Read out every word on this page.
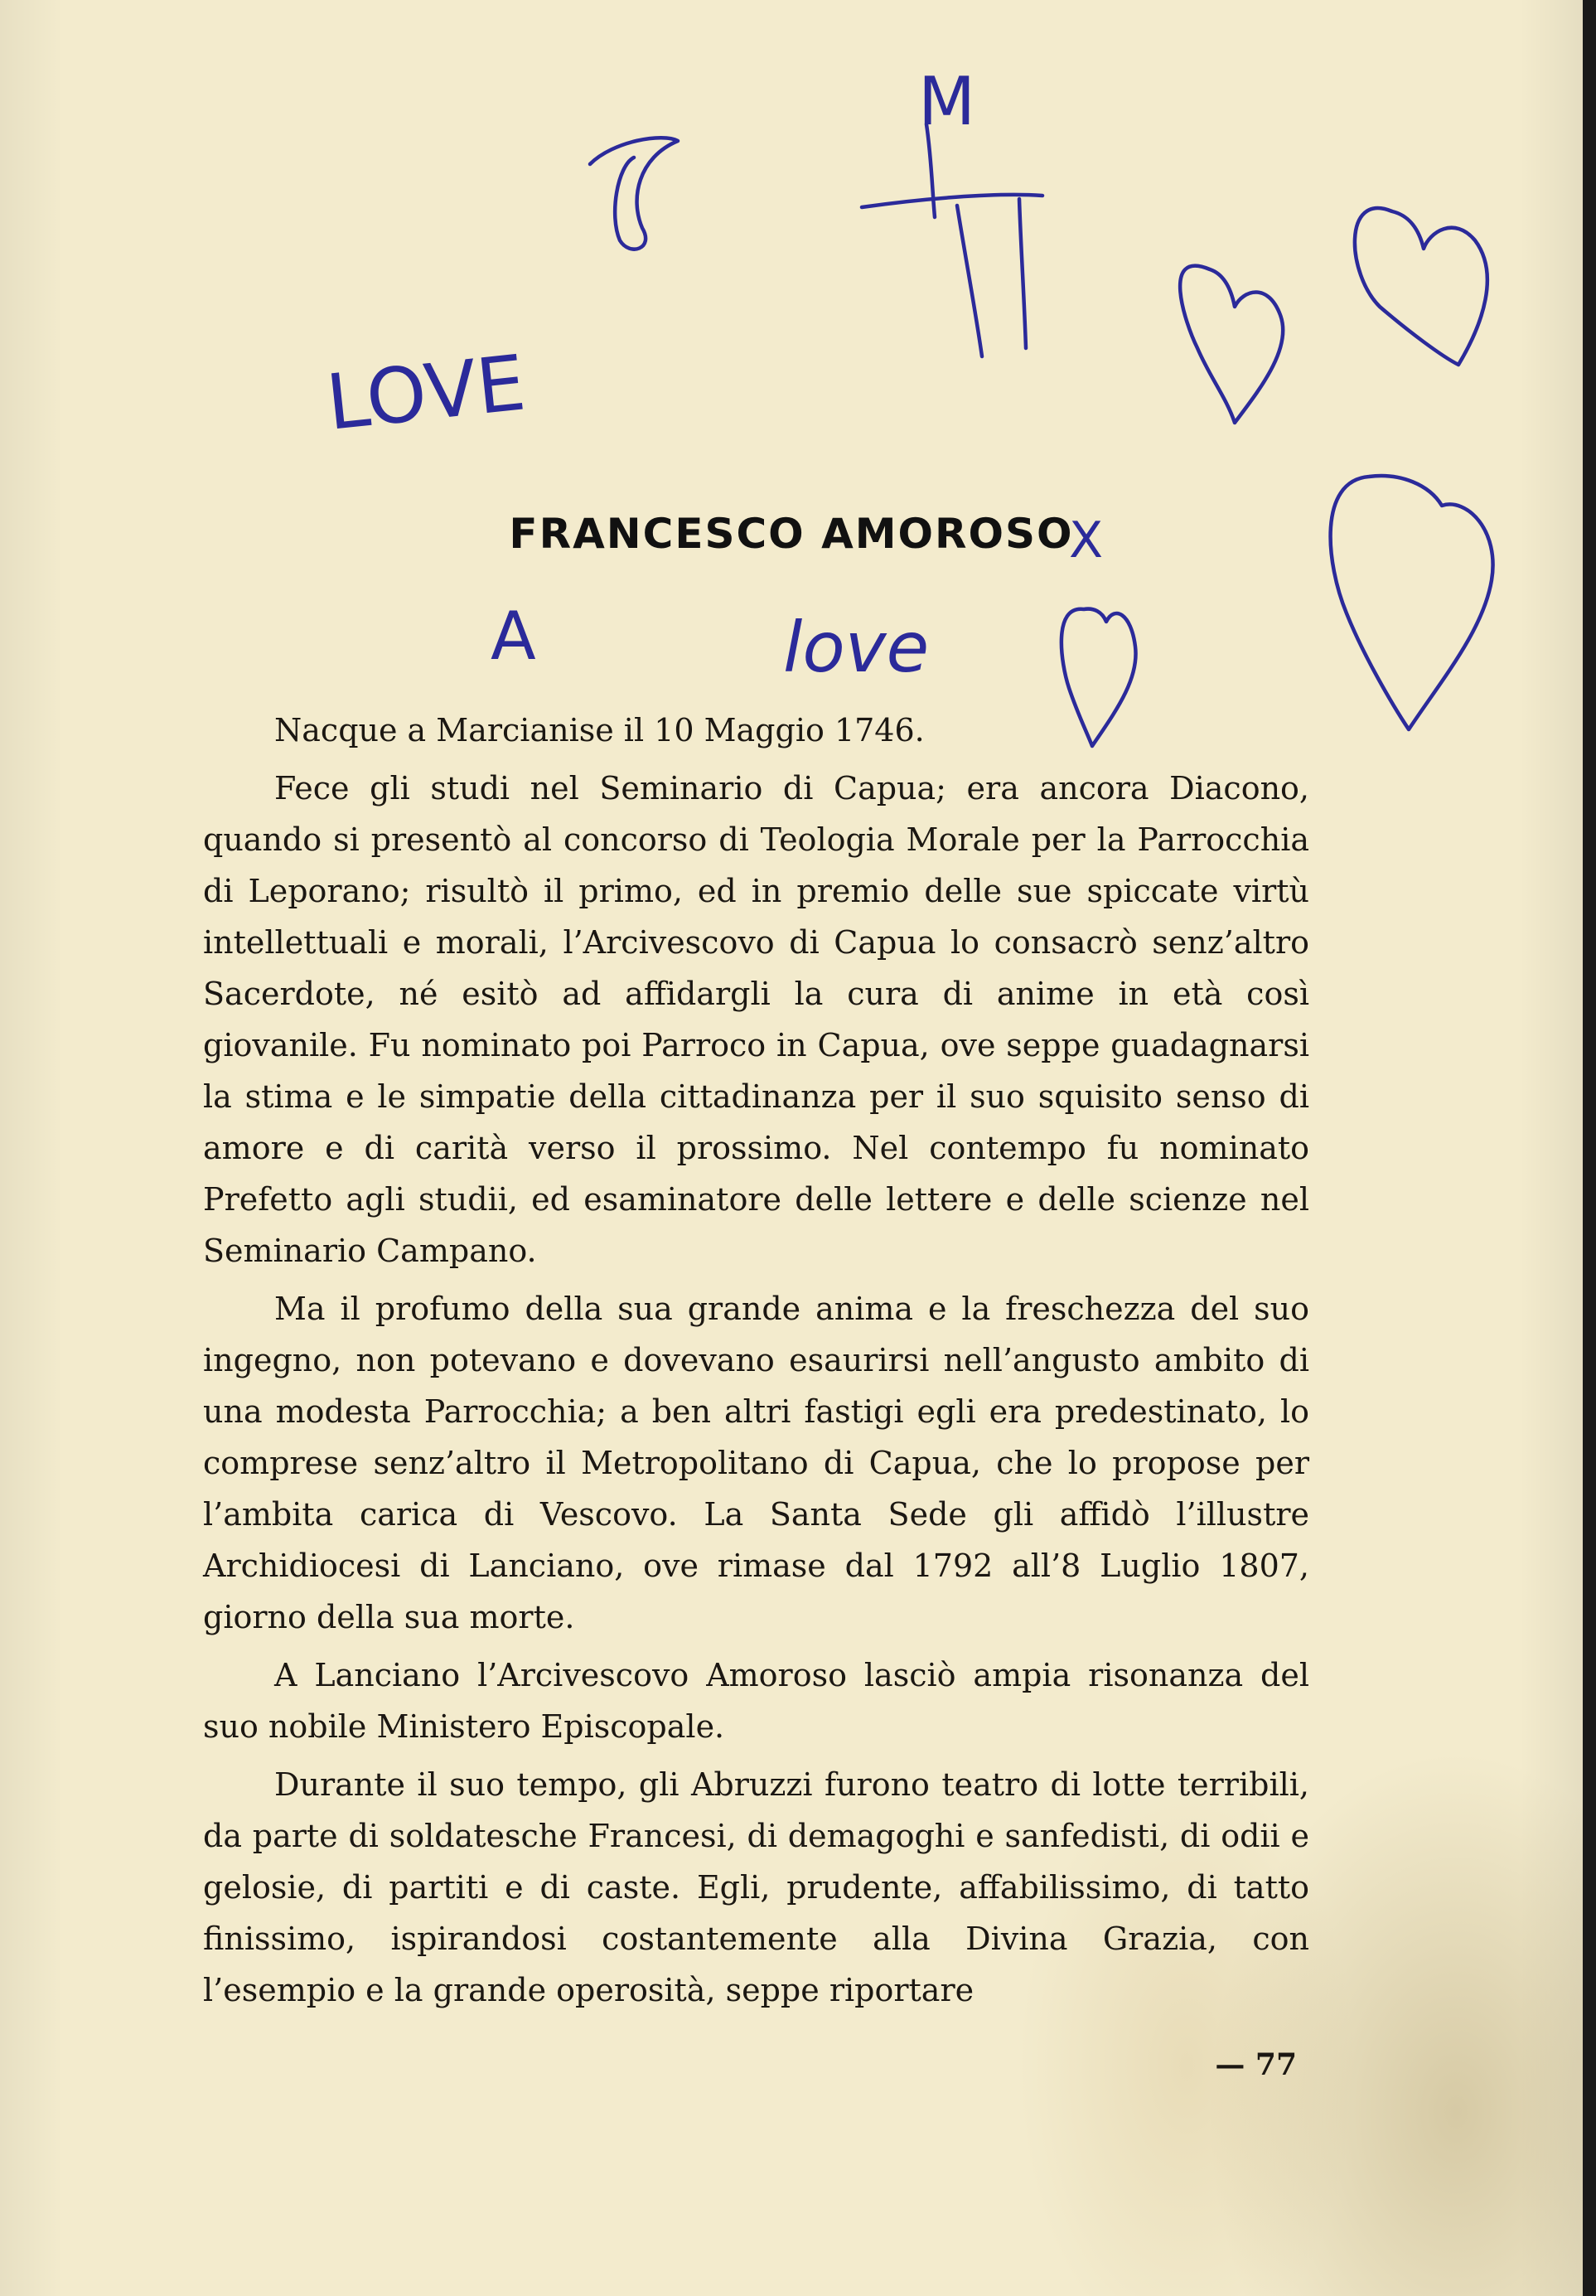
FRANCESCO AMOROSO

Nacque a Marcianise il 10 Maggio 1746.

Fece gli studi nel Seminario di Capua; era ancora Diacono, quando si presentò al concorso di Teologia Morale per la Parrocchia di Leporano; risultò il primo, ed in premio delle sue spiccate virtù intellettuali e morali, l’Arcivescovo di Capua lo consacrò senz’altro Sacerdote, né esitò ad affidargli la cura di anime in età così giovanile. Fu nominato poi Parroco in Capua, ove seppe guadagnarsi la stima e le simpatie della cittadinanza per il suo squisito senso di amore e di carità verso il prossimo. Nel contempo fu nominato Prefetto agli studii, ed esaminatore delle lettere e delle scienze nel Seminario Campano.

Ma il profumo della sua grande anima e la freschezza del suo ingegno, non potevano e dovevano esaurirsi nell’angusto ambito di una modesta Parrocchia; a ben altri fastigi egli era predestinato, lo comprese senz’altro il Metropolitano di Capua, che lo propose per l’ambita carica di Vescovo. La Santa Sede gli affidò l’illustre Archidiocesi di Lanciano, ove rimase dal 1792 all’8 Luglio 1807, giorno della sua morte.

A Lanciano l’Arcivescovo Amoroso lasciò ampia risonanza del suo nobile Ministero Episcopale.

Durante il suo tempo, gli Abruzzi furono teatro di lotte terribili, da parte di soldatesche Francesi, di demagoghi e sanfedisti, di odii e gelosie, di partiti e di caste. Egli, prudente, affabilissimo, di tatto finissimo, ispirandosi costantemente alla Divina Grazia, con l’esempio e la grande operosità, seppe riportare

— 77
LOVE
M
X
A	love
